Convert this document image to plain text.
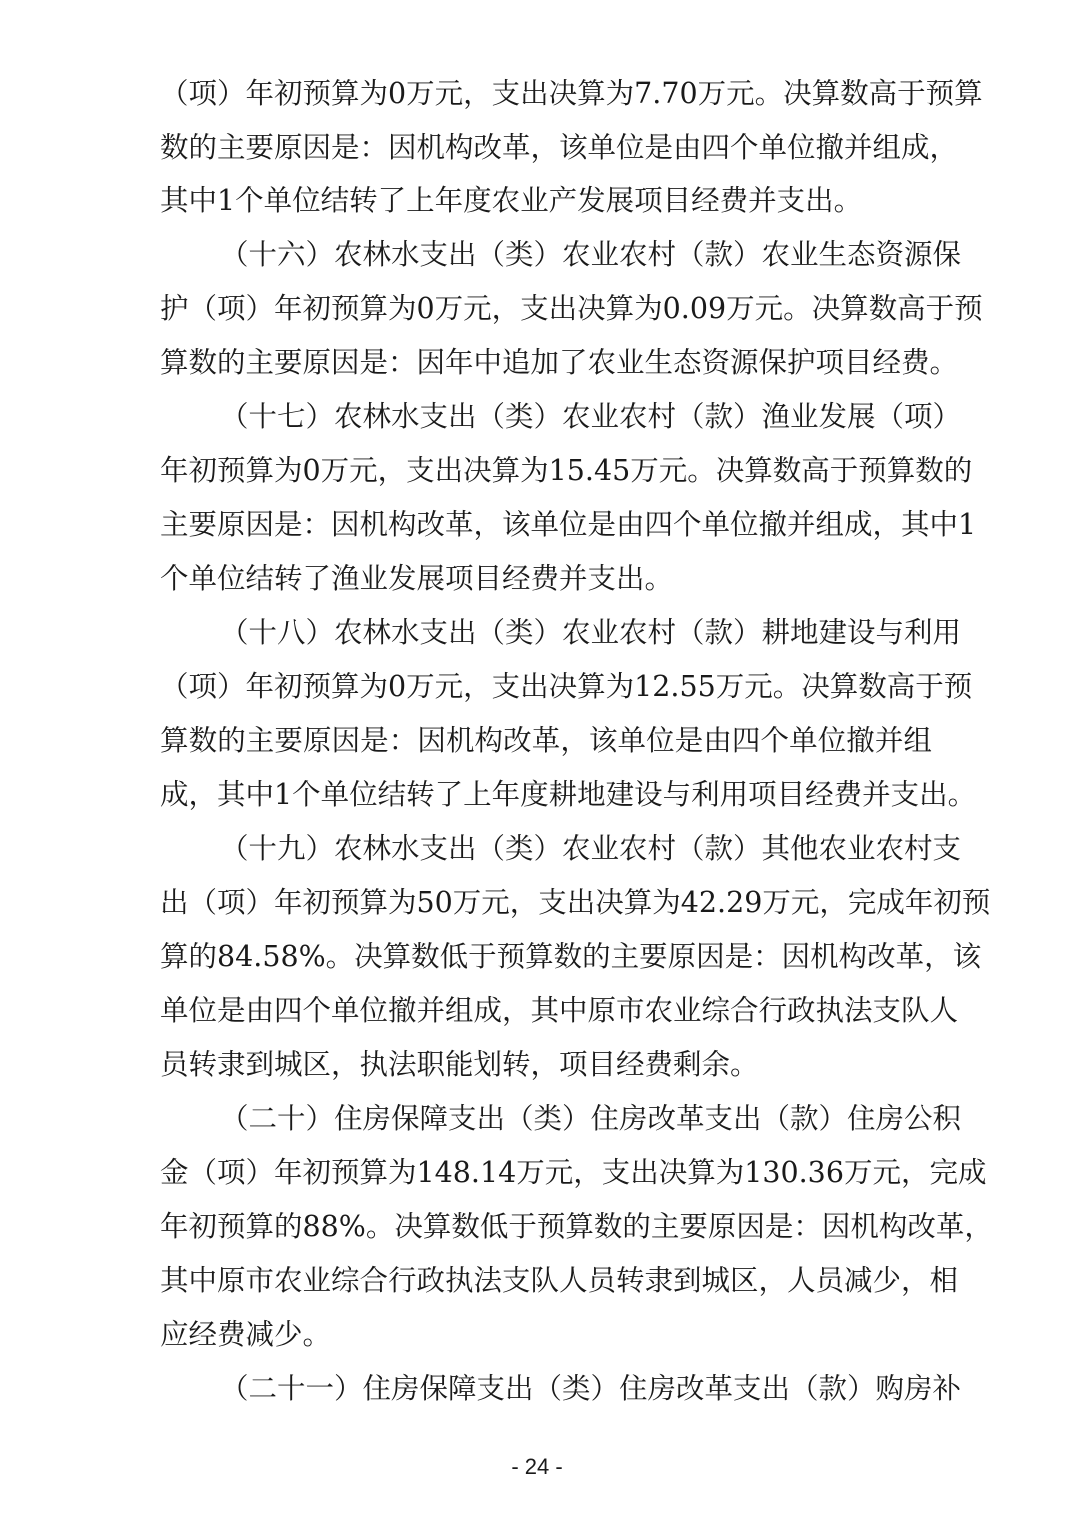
（项）年初预算为0万元，支出决算为7.70万元。决算数高于预算
数的主要原因是：因机构改革，该单位是由四个单位撤并组成，
其中1个单位结转了上年度农业产发展项目经费并支出。
（十六）农林水支出（类）农业农村（款）农业生态资源保
护（项）年初预算为0万元，支出决算为0.09万元。决算数高于预
算数的主要原因是：因年中追加了农业生态资源保护项目经费。
（十七）农林水支出（类）农业农村（款）渔业发展（项）
年初预算为0万元，支出决算为15.45万元。决算数高于预算数的
主要原因是：因机构改革，该单位是由四个单位撤并组成，其中1
个单位结转了渔业发展项目经费并支出。
（十八）农林水支出（类）农业农村（款）耕地建设与利用
（项）年初预算为0万元，支出决算为12.55万元。决算数高于预
算数的主要原因是：因机构改革，该单位是由四个单位撤并组
成，其中1个单位结转了上年度耕地建设与利用项目经费并支出。
（十九）农林水支出（类）农业农村（款）其他农业农村支
出（项）年初预算为50万元，支出决算为42.29万元，完成年初预
算的84.58%。决算数低于预算数的主要原因是：因机构改革，该
单位是由四个单位撤并组成，其中原市农业综合行政执法支队人
员转隶到城区，执法职能划转，项目经费剩余。
（二十）住房保障支出（类）住房改革支出（款）住房公积
金（项）年初预算为148.14万元，支出决算为130.36万元，完成
年初预算的88%。决算数低于预算数的主要原因是：因机构改革，
其中原市农业综合行政执法支队人员转隶到城区，人员减少，相
应经费减少。
（二十一）住房保障支出（类）住房改革支出（款）购房补
- 24 -
